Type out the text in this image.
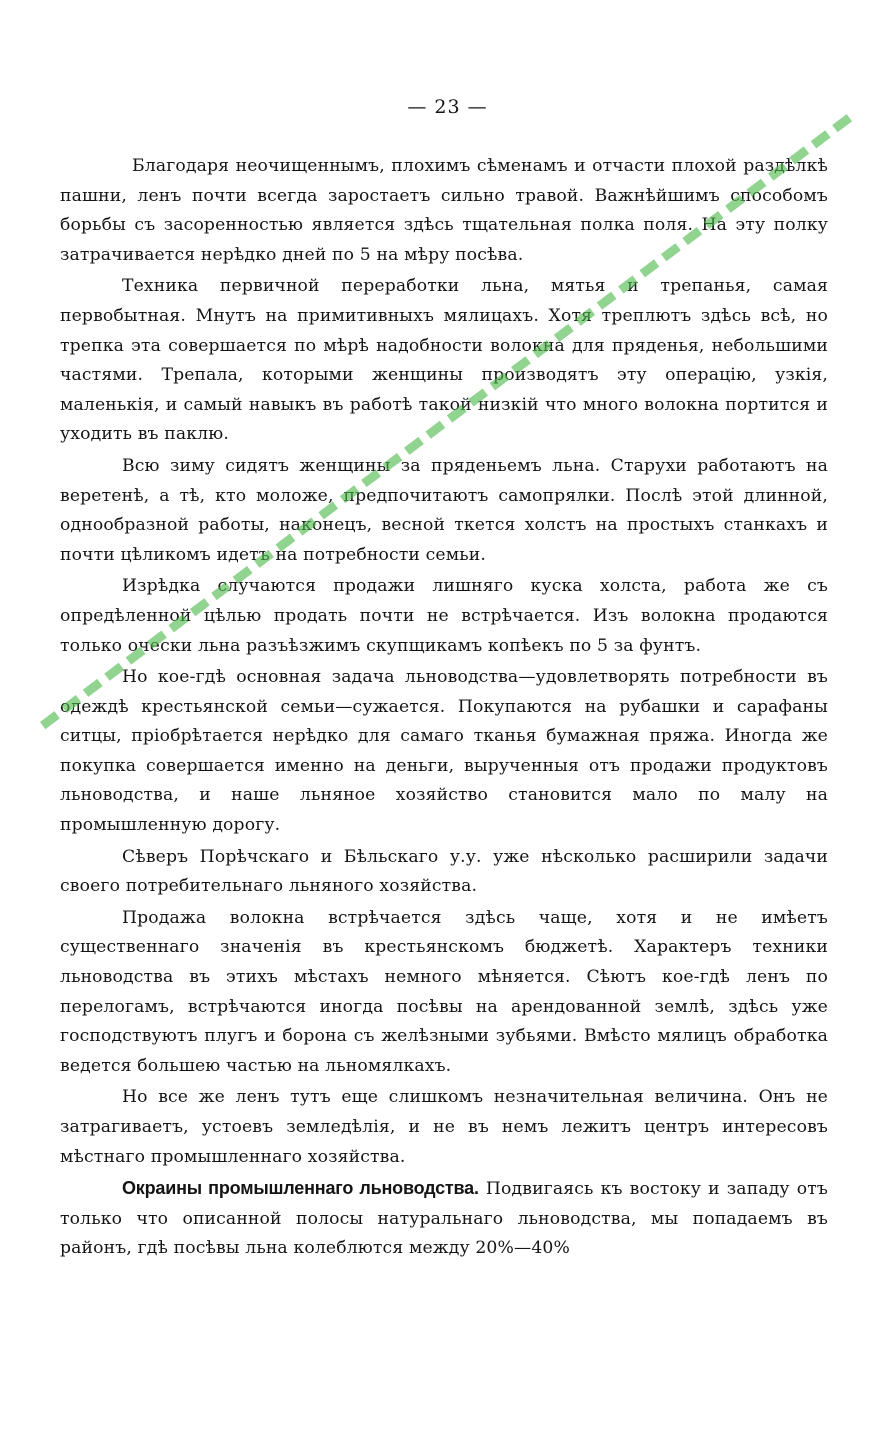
— 23 —

Благодаря неочищеннымъ, плохимъ сѣменамъ и отчасти плохой раздѣлкѣ пашни, ленъ почти всегда заростаетъ сильно травой. Важнѣйшимъ способомъ борьбы съ засоренностью является здѣсь тщательная полка поля. На эту полку затрачивается нерѣдко дней по 5 на мѣру посѣва.

Техника первичной переработки льна, мятья и трепанья, самая первобытная. Мнутъ на примитивныхъ мялицахъ. Хотя треплютъ здѣсь всѣ, но трепка эта совершается по мѣрѣ надобности волокна для пряденья, небольшими частями. Трепала, которыми женщины производятъ эту операцію, узкія, маленькія, и самый навыкъ въ работѣ такой низкій что много волокна портится и уходить въ паклю.

Всю зиму сидятъ женщины за пряденьемъ льна. Старухи работаютъ на веретенѣ, а тѣ, кто моложе, предпочитаютъ самопрялки. Послѣ этой длинной, однообразной работы, наконецъ, весной ткется холстъ на простыхъ станкахъ и почти цѣликомъ идетъ на потребности семьи.

Изрѣдка случаются продажи лишняго куска холста, работа же съ опредѣленной цѣлью продать почти не встрѣчается. Изъ волокна продаются только очески льна разъѣзжимъ скупщикамъ копѣекъ по 5 за фунтъ.

Но кое-гдѣ основная задача льноводства—удовлетворять потребности въ одеждѣ крестьянской семьи—сужается. Покупаются на рубашки и сарафаны ситцы, пріобрѣтается нерѣдко для самаго тканья бумажная пряжа. Иногда же покупка совершается именно на деньги, вырученныя отъ продажи продуктовъ льноводства, и наше льняное хозяйство становится мало по малу на промышленную дорогу.

Сѣверъ Порѣчскаго и Бѣльскаго у.у. уже нѣсколько расширили задачи своего потребительнаго льняного хозяйства.

Продажа волокна встрѣчается здѣсь чаще, хотя и не имѣетъ существеннаго значенія въ крестьянскомъ бюджетѣ. Характеръ техники льноводства въ этихъ мѣстахъ немного мѣняется. Сѣютъ кое-гдѣ ленъ по перелогамъ, встрѣчаются иногда посѣвы на арендованной землѣ, здѣсь уже господствуютъ плугъ и борона съ желѣзными зубьями. Вмѣсто мялицъ обработка ведется большею частью на льномялкахъ.

Но все же ленъ тутъ еще слишкомъ незначительная величина. Онъ не затрагиваетъ, устоевъ земледѣлія, и не въ немъ лежитъ центръ интересовъ мѣстнаго промышленнаго хозяйства.

Окраины промышленнаго льноводства. Подвигаясь къ востоку и западу отъ только что описанной полосы натуральнаго льноводства, мы попадаемъ въ районъ, гдѣ посѣвы льна колеблются между 20%—40%
